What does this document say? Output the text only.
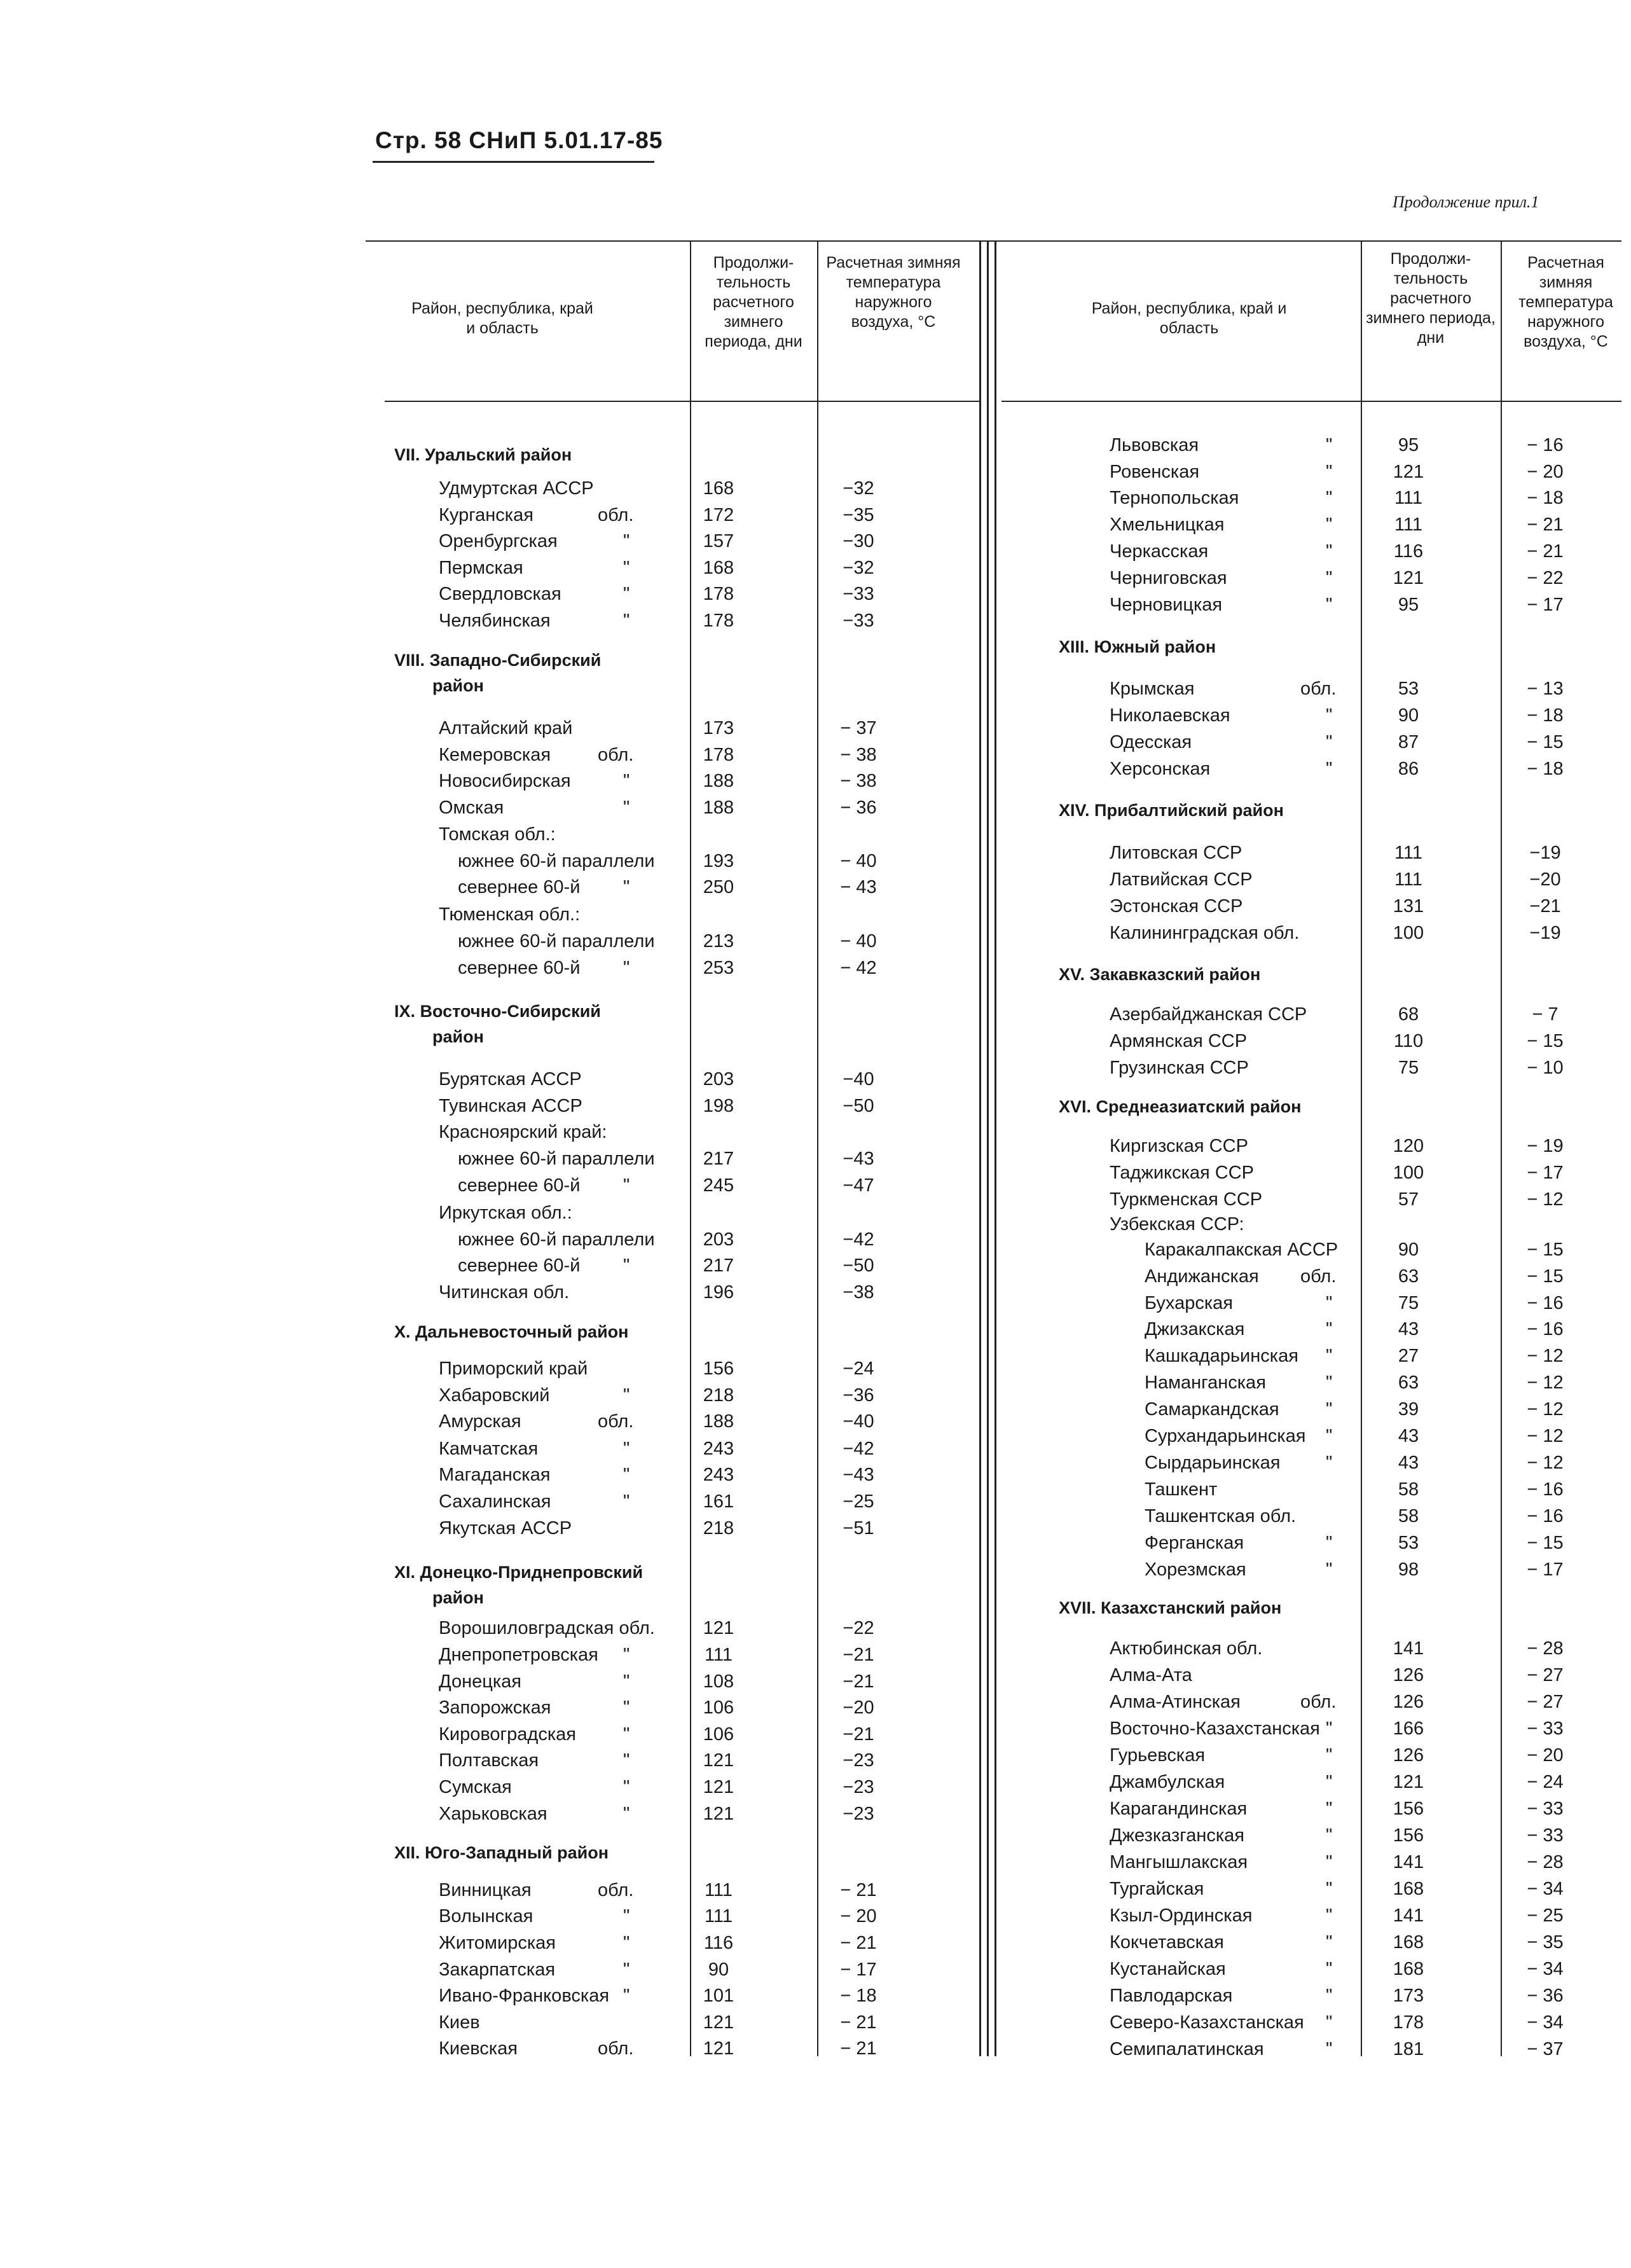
Стр. 58 СНиП 5.01.17-85
Продолжение прил.1
Район, республика, край и область
Продолжи-тельность расчетного зимнего периода, дни
Расчетная зимняя температура наружного воздуха, °С
Район, республика, край и область
Продолжи-тельность расчетного зимнего периода, дни
Расчетная зимняя температура наружного воздуха, °С
VII. Уральский район
Удмуртская АССР	168	−32
Курганская	обл.	172	−35
Оренбургская	"	157	−30
Пермская	"	168	−32
Свердловская	"	178	−33
Челябинская	"	178	−33
VIII. Западно-Сибирский
район
Алтайский край	173	− 37
Кемеровская	обл.	178	− 38
Новосибирская	"	188	− 38
Омская	"	188	− 36
Томская обл.:
южнее 60-й параллели	193	− 40
севернее 60-й "	250	− 43
Тюменская обл.:
южнее 60-й параллели	213	− 40
севернее 60-й "	253	− 42
IX. Восточно-Сибирский
район
Бурятская АССР	203	−40
Тувинская АССР	198	−50
Красноярский край:
южнее 60-й параллели	217	−43
севернее 60-й "	245	−47
Иркутская обл.:
южнее 60-й параллели	203	−42
севернее 60-й "	217	−50
Читинская обл.	196	−38
X. Дальневосточный район
Приморский край	156	−24
Хабаровский	"	218	−36
Амурская	обл.	188	−40
Камчатская	"	243	−42
Магаданская	"	243	−43
Сахалинская	"	161	−25
Якутская АССР	218	−51
XI. Донецко-Приднепровский
район
Ворошиловградская обл.	121	−22
Днепропетровская "	111	−21
Донецкая	"	108	−21
Запорожская	"	106	−20
Кировоградская	"	106	−21
Полтавская	"	121	−23
Сумская	"	121	−23
Харьковская	"	121	−23
XII. Юго-Западный район
Винницкая	обл.	111	− 21
Волынская	"	111	− 20
Житомирская	"	116	− 21
Закарпатская	"	90	− 17
Ивано-Франковская "	101	− 18
Киев	121	− 21
Киевская	обл.	121	− 21
Львовская	"	95	− 16
Ровенская	"	121	− 20
Тернопольская	"	111	− 18
Хмельницкая	"	111	− 21
Черкасская	"	116	− 21
Черниговская	"	121	− 22
Черновицкая	"	95	− 17
XIII. Южный район
Крымская	обл.	53	− 13
Николаевская	"	90	− 18
Одесская	"	87	− 15
Херсонская	"	86	− 18
XIV. Прибалтийский район
Литовская ССР	111	−19
Латвийская ССР	111	−20
Эстонская ССР	131	−21
Калининградская обл.	100	−19
XV. Закавказский район
Азербайджанская ССР	68	− 7
Армянская ССР	110	− 15
Грузинская ССР	75	− 10
XVI. Среднеазиатский район
Киргизская ССР	120	− 19
Таджикская ССР	100	− 17
Туркменская ССР	57	− 12
Узбекская ССР:
Каракалпакская АССР	90	− 15
Андижанская обл.	63	− 15
Бухарская	"	75	− 16
Джизакская	"	43	− 16
Кашкадарьинская "	27	− 12
Наманганская	"	63	− 12
Самаркандская	"	39	− 12
Сурхандарьинская "	43	− 12
Сырдарьинская "	43	− 12
Ташкент	58	− 16
Ташкентская обл.	58	− 16
Ферганская	"	53	− 15
Хорезмская	"	98	− 17
XVII. Казахстанский район
Актюбинская обл.	141	− 28
Алма-Ата	126	− 27
Алма-Атинская	обл.	126	− 27
Восточно-Казахстанская "	166	− 33
Гурьевская	"	126	− 20
Джамбулская	"	121	− 24
Карагандинская	"	156	− 33
Джезказганская	"	156	− 33
Мангышлакская	"	141	− 28
Тургайская	"	168	− 34
Кзыл-Ординская	"	141	− 25
Кокчетавская	"	168	− 35
Кустанайская	"	168	− 34
Павлодарская	"	173	− 36
Северо-Казахстанская "	178	− 34
Семипалатинская	"	181	− 37
